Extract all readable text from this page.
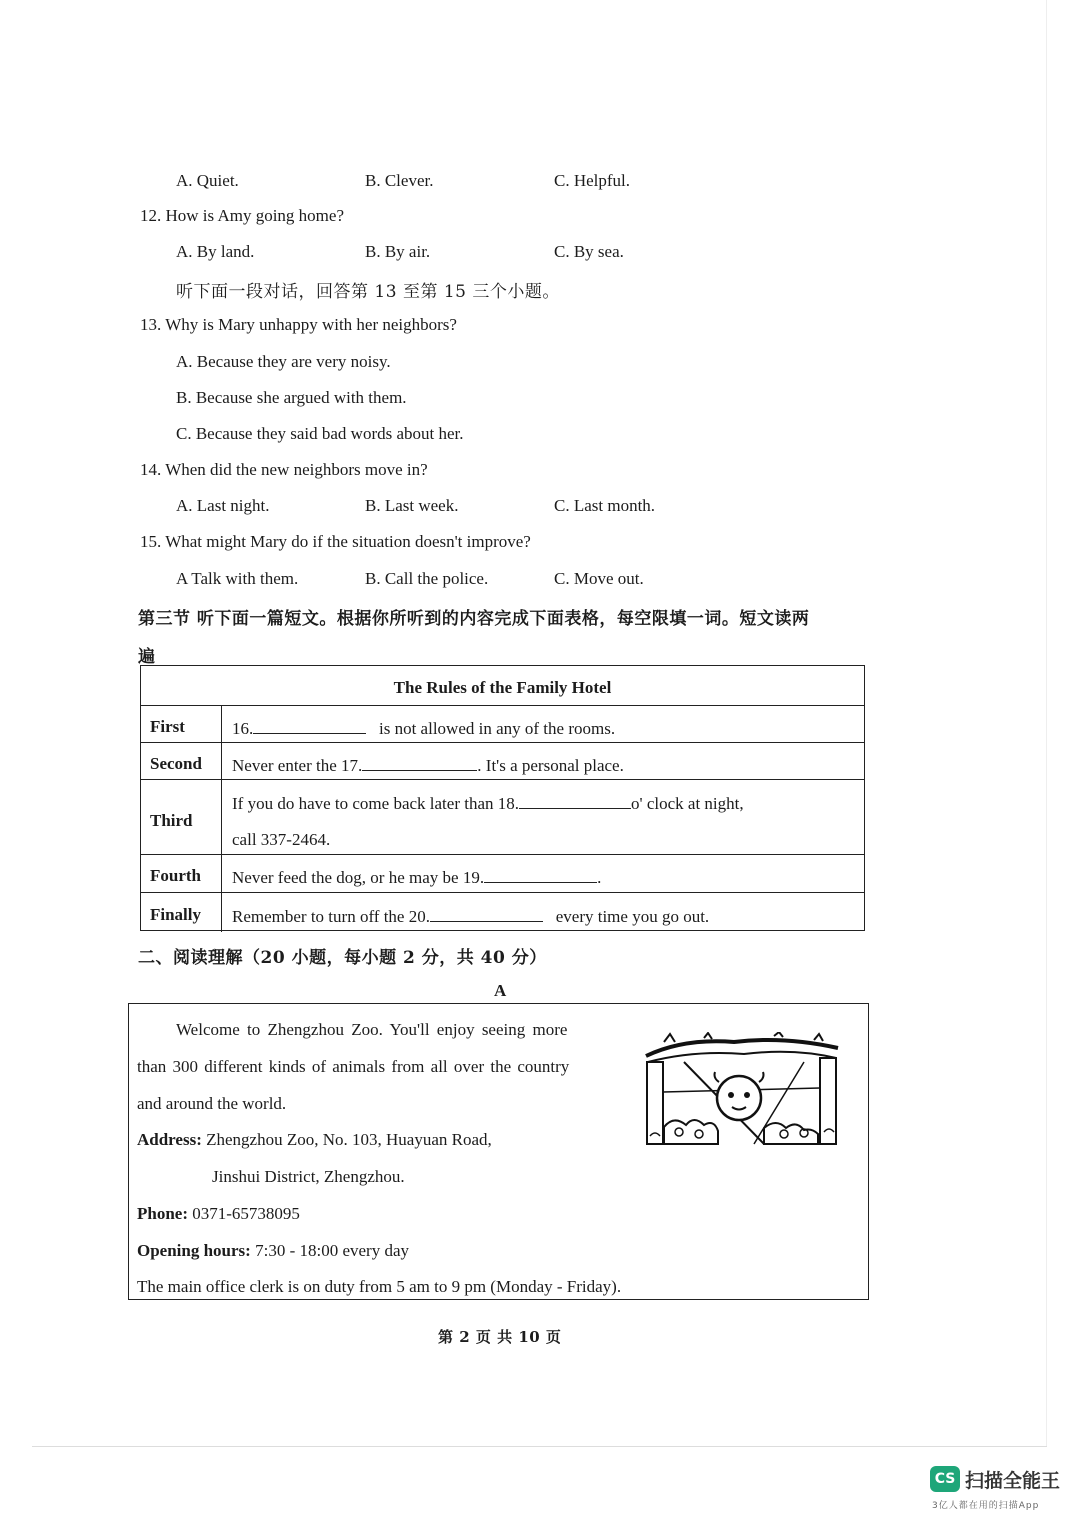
A. Quiet.	B. Clever.	C. Helpful.
12. How is Amy going home?
A. By land.	B. By air.	C. By sea.
听下面一段对话，回答第 13 至第 15 三个小题。
13. Why is Mary unhappy with her neighbors?
A. Because they are very noisy.
B. Because she argued with them.
C. Because they said bad words about her.
14. When did the new neighbors move in?
A. Last night.	B. Last week.	C. Last month.
15. What might Mary do if the situation doesn't improve?
A Talk with them.	B. Call the police.	C. Move out.
第三节 听下面一篇短文。根据你所听到的内容完成下面表格，每空限填一词。短文读两
遍
The Rules of the Family Hotel
First	16.	is not allowed in any of the rooms.
Second Never enter the 17.	. It's a personal place.
Third
If you do have to come back later than 18.	o' clock at night,
call 337-2464.
Fourth Never feed the dog, or he may be 19.	.
Finally Remember to turn off the 20.	every time you go out.
二、阅读理解（20 小题，每小题 2 分，共 40 分）
A
Welcome to Zhengzhou Zoo. You'll enjoy seeing more
than 300 different kinds of animals from all over the country
and around the world.
Address: Zhengzhou Zoo, No. 103, Huayuan Road,
Jinshui District, Zhengzhou.
Phone: 0371-65738095
Opening hours: 7:30 - 18:00 every day
The main office clerk is on duty from 5 am to 9 pm (Monday - Friday).
第 2 页 共 10 页
CS 扫描全能王
3亿人都在用的扫描App
